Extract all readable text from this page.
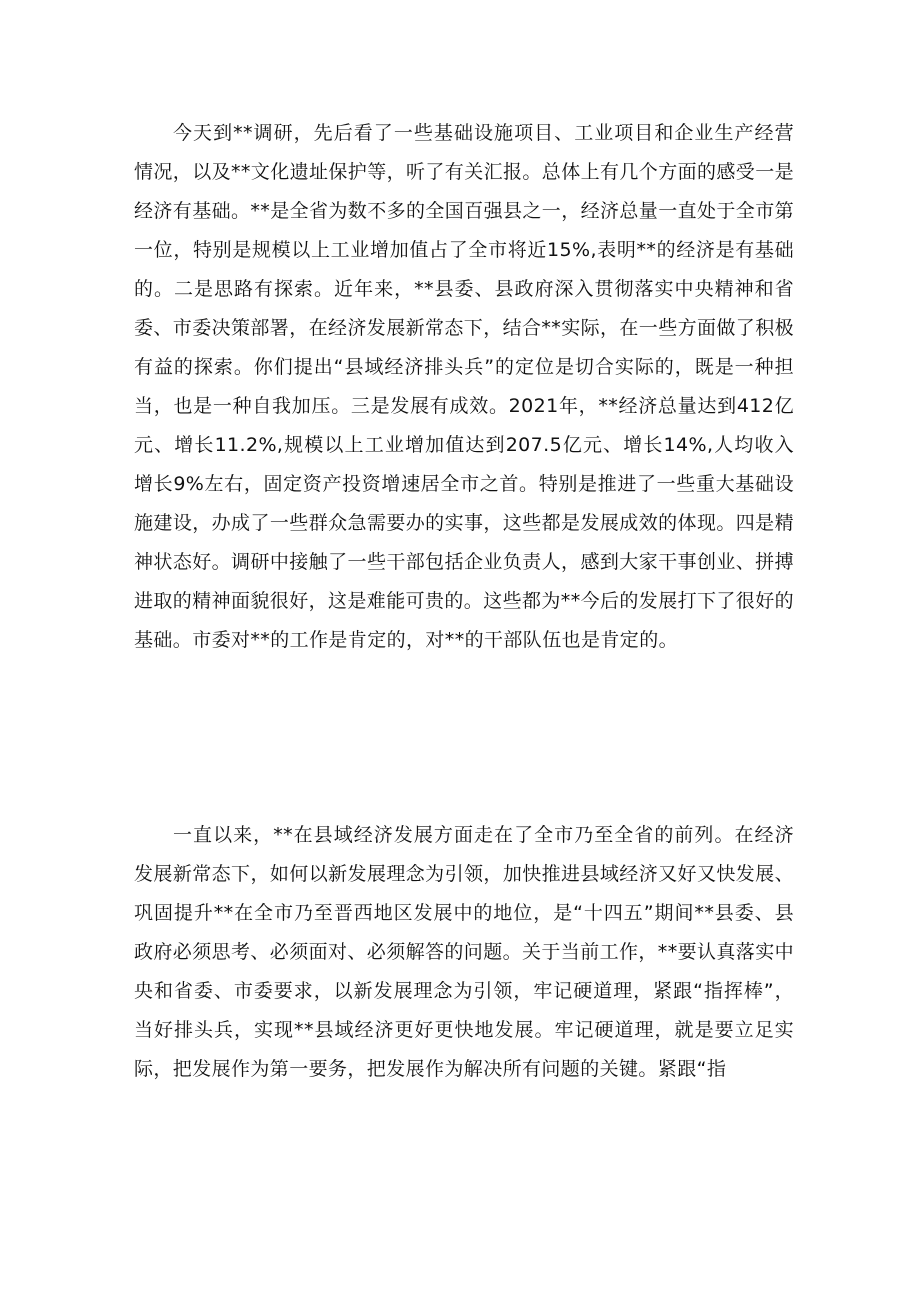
今天到**调研，先后看了一些基础设施项目、工业项目和企业生产经营情况，以及**文化遗址保护等，听了有关汇报。总体上有几个方面的感受一是经济有基础。**是全省为数不多的全国百强县之一，经济总量一直处于全市第一位，特别是规模以上工业增加值占了全市将近15%,表明**的经济是有基础的。二是思路有探索。近年来，**县委、县政府深入贯彻落实中央精神和省委、市委决策部署，在经济发展新常态下，结合**实际，在一些方面做了积极有益的探索。你们提出“县域经济排头兵”的定位是切合实际的，既是一种担当，也是一种自我加压。三是发展有成效。2021年，**经济总量达到412亿元、增长11.2%,规模以上工业增加值达到207.5亿元、增长14%,人均收入增长9%左右，固定资产投资增速居全市之首。特别是推进了一些重大基础设施建设，办成了一些群众急需要办的实事，这些都是发展成效的体现。四是精神状态好。调研中接触了一些干部包括企业负责人，感到大家干事创业、拼搏进取的精神面貌很好，这是难能可贵的。这些都为**今后的发展打下了很好的基础。市委对**的工作是肯定的，对**的干部队伍也是肯定的。

一直以来，**在县域经济发展方面走在了全市乃至全省的前列。在经济发展新常态下，如何以新发展理念为引领，加快推进县域经济又好又快发展、巩固提升**在全市乃至晋西地区发展中的地位，是“十四五”期间**县委、县政府必须思考、必须面对、必须解答的问题。关于当前工作，**要认真落实中央和省委、市委要求，以新发展理念为引领，牢记硬道理，紧跟“指挥棒”，当好排头兵，实现**县域经济更好更快地发展。牢记硬道理，就是要立足实际，把发展作为第一要务，把发展作为解决所有问题的关键。紧跟“指
